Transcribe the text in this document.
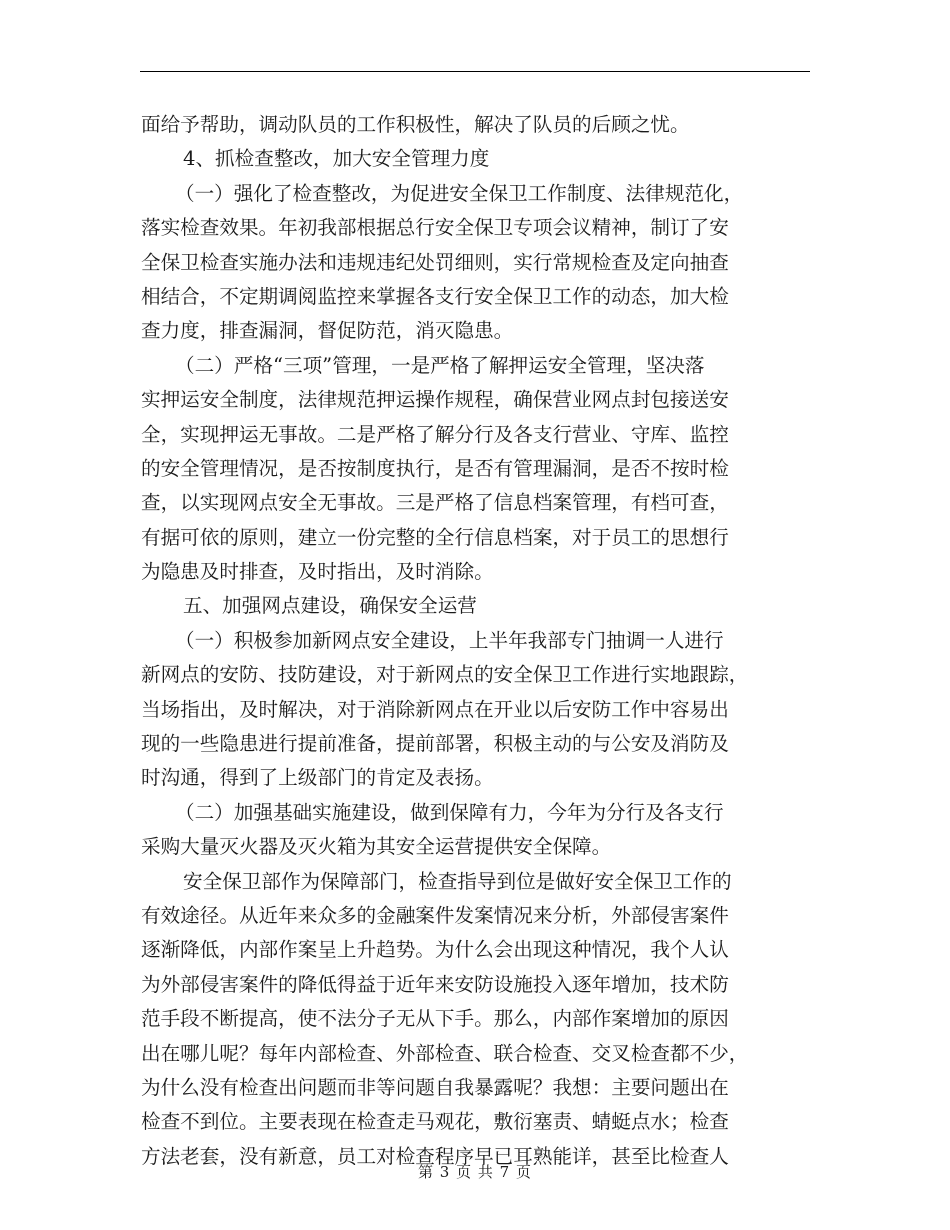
面给予帮助，调动队员的工作积极性，解决了队员的后顾之忧。
4、抓检查整改，加大安全管理力度
（一）强化了检查整改，为促进安全保卫工作制度、法律规范化，
落实检查效果。年初我部根据总行安全保卫专项会议精神，制订了安
全保卫检查实施办法和违规违纪处罚细则，实行常规检查及定向抽查
相结合，不定期调阅监控来掌握各支行安全保卫工作的动态，加大检
查力度，排查漏洞，督促防范，消灭隐患。
（二）严格“三项”管理，一是严格了解押运安全管理，坚决落
实押运安全制度，法律规范押运操作规程，确保营业网点封包接送安
全，实现押运无事故。二是严格了解分行及各支行营业、守库、监控
的安全管理情况，是否按制度执行，是否有管理漏洞，是否不按时检
查，以实现网点安全无事故。三是严格了信息档案管理，有档可查，
有据可依的原则，建立一份完整的全行信息档案，对于员工的思想行
为隐患及时排查，及时指出，及时消除。
五、加强网点建设，确保安全运营
（一）积极参加新网点安全建设，上半年我部专门抽调一人进行
新网点的安防、技防建设，对于新网点的安全保卫工作进行实地跟踪，
当场指出，及时解决，对于消除新网点在开业以后安防工作中容易出
现的一些隐患进行提前准备，提前部署，积极主动的与公安及消防及
时沟通，得到了上级部门的肯定及表扬。
（二）加强基础实施建设，做到保障有力，今年为分行及各支行
采购大量灭火器及灭火箱为其安全运营提供安全保障。
安全保卫部作为保障部门，检查指导到位是做好安全保卫工作的
有效途径。从近年来众多的金融案件发案情况来分析，外部侵害案件
逐渐降低，内部作案呈上升趋势。为什么会出现这种情况，我个人认
为外部侵害案件的降低得益于近年来安防设施投入逐年增加，技术防
范手段不断提高，使不法分子无从下手。那么，内部作案增加的原因
出在哪儿呢？每年内部检查、外部检查、联合检查、交叉检查都不少，
为什么没有检查出问题而非等问题自我暴露呢？我想：主要问题出在
检查不到位。主要表现在检查走马观花，敷衍塞责、蜻蜓点水；检查
方法老套，没有新意，员工对检查程序早已耳熟能详，甚至比检查人
第 3 页 共 7 页
